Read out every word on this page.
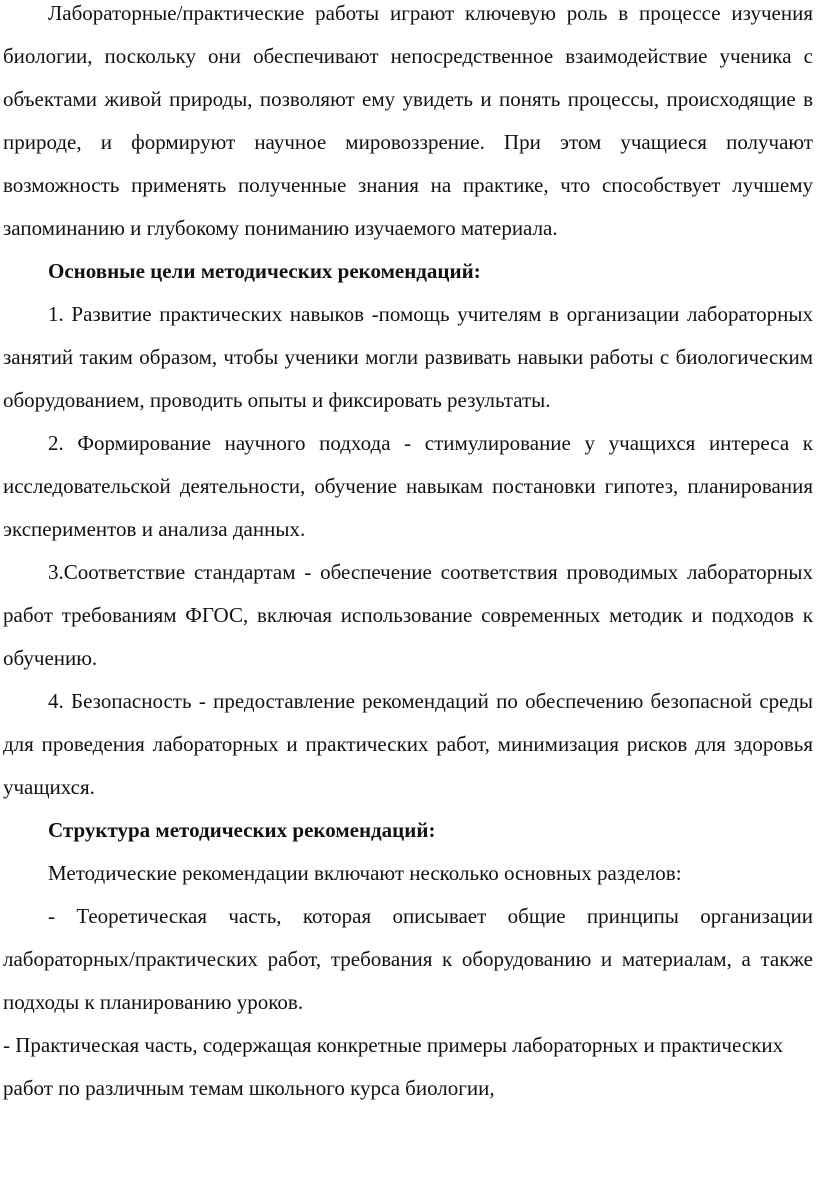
Лабораторные/практические работы играют ключевую роль в процессе изучения биологии, поскольку они обеспечивают непосредственное взаимодействие ученика с объектами живой природы, позволяют ему увидеть и понять процессы, происходящие в природе, и формируют научное мировоззрение. При этом учащиеся получают возможность применять полученные знания на практике, что способствует лучшему запоминанию и глубокому пониманию изучаемого материала.

Основные цели методических рекомендаций:

1. Развитие практических навыков -помощь учителям в организации лабораторных занятий таким образом, чтобы ученики могли развивать навыки работы с биологическим оборудованием, проводить опыты и фиксировать результаты.

2. Формирование научного подхода - стимулирование у учащихся интереса к исследовательской деятельности, обучение навыкам постановки гипотез, планирования экспериментов и анализа данных.

3.Соответствие стандартам - обеспечение соответствия проводимых лабораторных работ требованиям ФГОС, включая использование современных методик и подходов к обучению.

4. Безопасность - предоставление рекомендаций по обеспечению безопасной среды для проведения лабораторных и практических работ, минимизация рисков для здоровья учащихся.

Структура методических рекомендаций:

Методические рекомендации включают несколько основных разделов:

- Теоретическая часть, которая описывает общие принципы организации лабораторных/практических работ, требования к оборудованию и материалам, а также подходы к планированию уроков.

- Практическая часть, содержащая конкретные примеры лабораторных и практических работ по различным темам школьного курса биологии,
